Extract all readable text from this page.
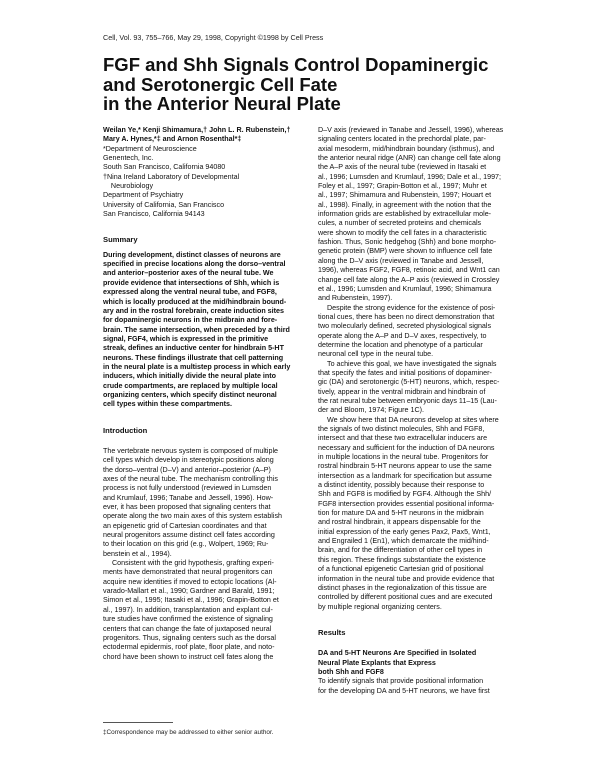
Cell, Vol. 93, 755–766, May 29, 1998, Copyright ©1998 by Cell Press
FGF and Shh Signals Control Dopaminergic
and Serotonergic Cell Fate
in the Anterior Neural Plate
Weilan Ye,* Kenji Shimamura,† John L. R. Rubenstein,†
Mary A. Hynes,*‡ and Arnon Rosenthal*‡
*Department of Neuroscience
Genentech, Inc.
South San Francisco, California 94080
†Nina Ireland Laboratory of Developmental
Neurobiology
Department of Psychiatry
University of California, San Francisco
San Francisco, California 94143
Summary
During development, distinct classes of neurons are
specified in precise locations along the dorso–ventral
and anterior–posterior axes of the neural tube. We
provide evidence that intersections of Shh, which is
expressed along the ventral neural tube, and FGF8,
which is locally produced at the mid/hindbrain bound-
ary and in the rostral forebrain, create induction sites
for dopaminergic neurons in the midbrain and fore-
brain. The same intersection, when preceded by a third
signal, FGF4, which is expressed in the primitive
streak, defines an inductive center for hindbrain 5-HT
neurons. These findings illustrate that cell patterning
in the neural plate is a multistep process in which early
inducers, which initially divide the neural plate into
crude compartments, are replaced by multiple local
organizing centers, which specify distinct neuronal
cell types within these compartments.
Introduction
The vertebrate nervous system is composed of multiple
cell types which develop in stereotypic positions along
the dorso–ventral (D–V) and anterior–posterior (A–P)
axes of the neural tube. The mechanism controlling this
process is not fully understood (reviewed in Lumsden
and Krumlauf, 1996; Tanabe and Jessell, 1996). How-
ever, it has been proposed that signaling centers that
operate along the two main axes of this system establish
an epigenetic grid of Cartesian coordinates and that
neural progenitors assume distinct cell fates according
to their location on this grid (e.g., Wolpert, 1969; Ru-
benstein et al., 1994).
Consistent with the grid hypothesis, grafting experi-
ments have demonstrated that neural progenitors can
acquire new identities if moved to ectopic locations (Al-
varado-Mallart et al., 1990; Gardner and Barald, 1991;
Simon et al., 1995; Itasaki et al., 1996; Grapin-Botton et
al., 1997). In addition, transplantation and explant cul-
ture studies have confirmed the existence of signaling
centers that can change the fate of juxtaposed neural
progenitors. Thus, signaling centers such as the dorsal
ectodermal epidermis, roof plate, floor plate, and noto-
chord have been shown to instruct cell fates along the
‡Correspondence may be addressed to either senior author.
D–V axis (reviewed in Tanabe and Jessell, 1996), whereas
signaling centers located in the prechordal plate, par-
axial mesoderm, mid/hindbrain boundary (isthmus), and
the anterior neural ridge (ANR) can change cell fate along
the A–P axis of the neural tube (reviewed in Itasaki et
al., 1996; Lumsden and Krumlauf, 1996; Dale et al., 1997;
Foley et al., 1997; Grapin-Botton et al., 1997; Muhr et
al., 1997; Shimamura and Rubenstein, 1997; Houart et
al., 1998). Finally, in agreement with the notion that the
information grids are established by extracellular mole-
cules, a number of secreted proteins and chemicals
were shown to modify the cell fates in a characteristic
fashion. Thus, Sonic hedgehog (Shh) and bone morpho-
genetic protein (BMP) were shown to influence cell fate
along the D–V axis (reviewed in Tanabe and Jessell,
1996), whereas FGF2, FGF8, retinoic acid, and Wnt1 can
change cell fate along the A–P axis (reviewed in Crossley
et al., 1996; Lumsden and Krumlauf, 1996; Shimamura
and Rubenstein, 1997).
Despite the strong evidence for the existence of posi-
tional cues, there has been no direct demonstration that
two molecularly defined, secreted physiological signals
operate along the A–P and D–V axes, respectively, to
determine the location and phenotype of a particular
neuronal cell type in the neural tube.
To achieve this goal, we have investigated the signals
that specify the fates and initial positions of dopaminer-
gic (DA) and serotonergic (5-HT) neurons, which, respec-
tively, appear in the ventral midbrain and hindbrain of
the rat neural tube between embryonic days 11–15 (Lau-
der and Bloom, 1974; Figure 1C).
We show here that DA neurons develop at sites where
the signals of two distinct molecules, Shh and FGF8,
intersect and that these two extracellular inducers are
necessary and sufficient for the induction of DA neurons
in multiple locations in the neural tube. Progenitors for
rostral hindbrain 5-HT neurons appear to use the same
intersection as a landmark for specification but assume
a distinct identity, possibly because their response to
Shh and FGF8 is modified by FGF4. Although the Shh/
FGF8 intersection provides essential positional informa-
tion for mature DA and 5-HT neurons in the midbrain
and rostral hindbrain, it appears dispensable for the
initial expression of the early genes Pax2, Pax5, Wnt1,
and Engrailed 1 (En1), which demarcate the mid/hind-
brain, and for the differentiation of other cell types in
this region. These findings substantiate the existence
of a functional epigenetic Cartesian grid of positional
information in the neural tube and provide evidence that
distinct phases in the regionalization of this tissue are
controlled by different positional cues and are executed
by multiple regional organizing centers.
Results
DA and 5-HT Neurons Are Specified in Isolated
Neural Plate Explants that Express
both Shh and FGF8
To identify signals that provide positional information
for the developing DA and 5-HT neurons, we have first
